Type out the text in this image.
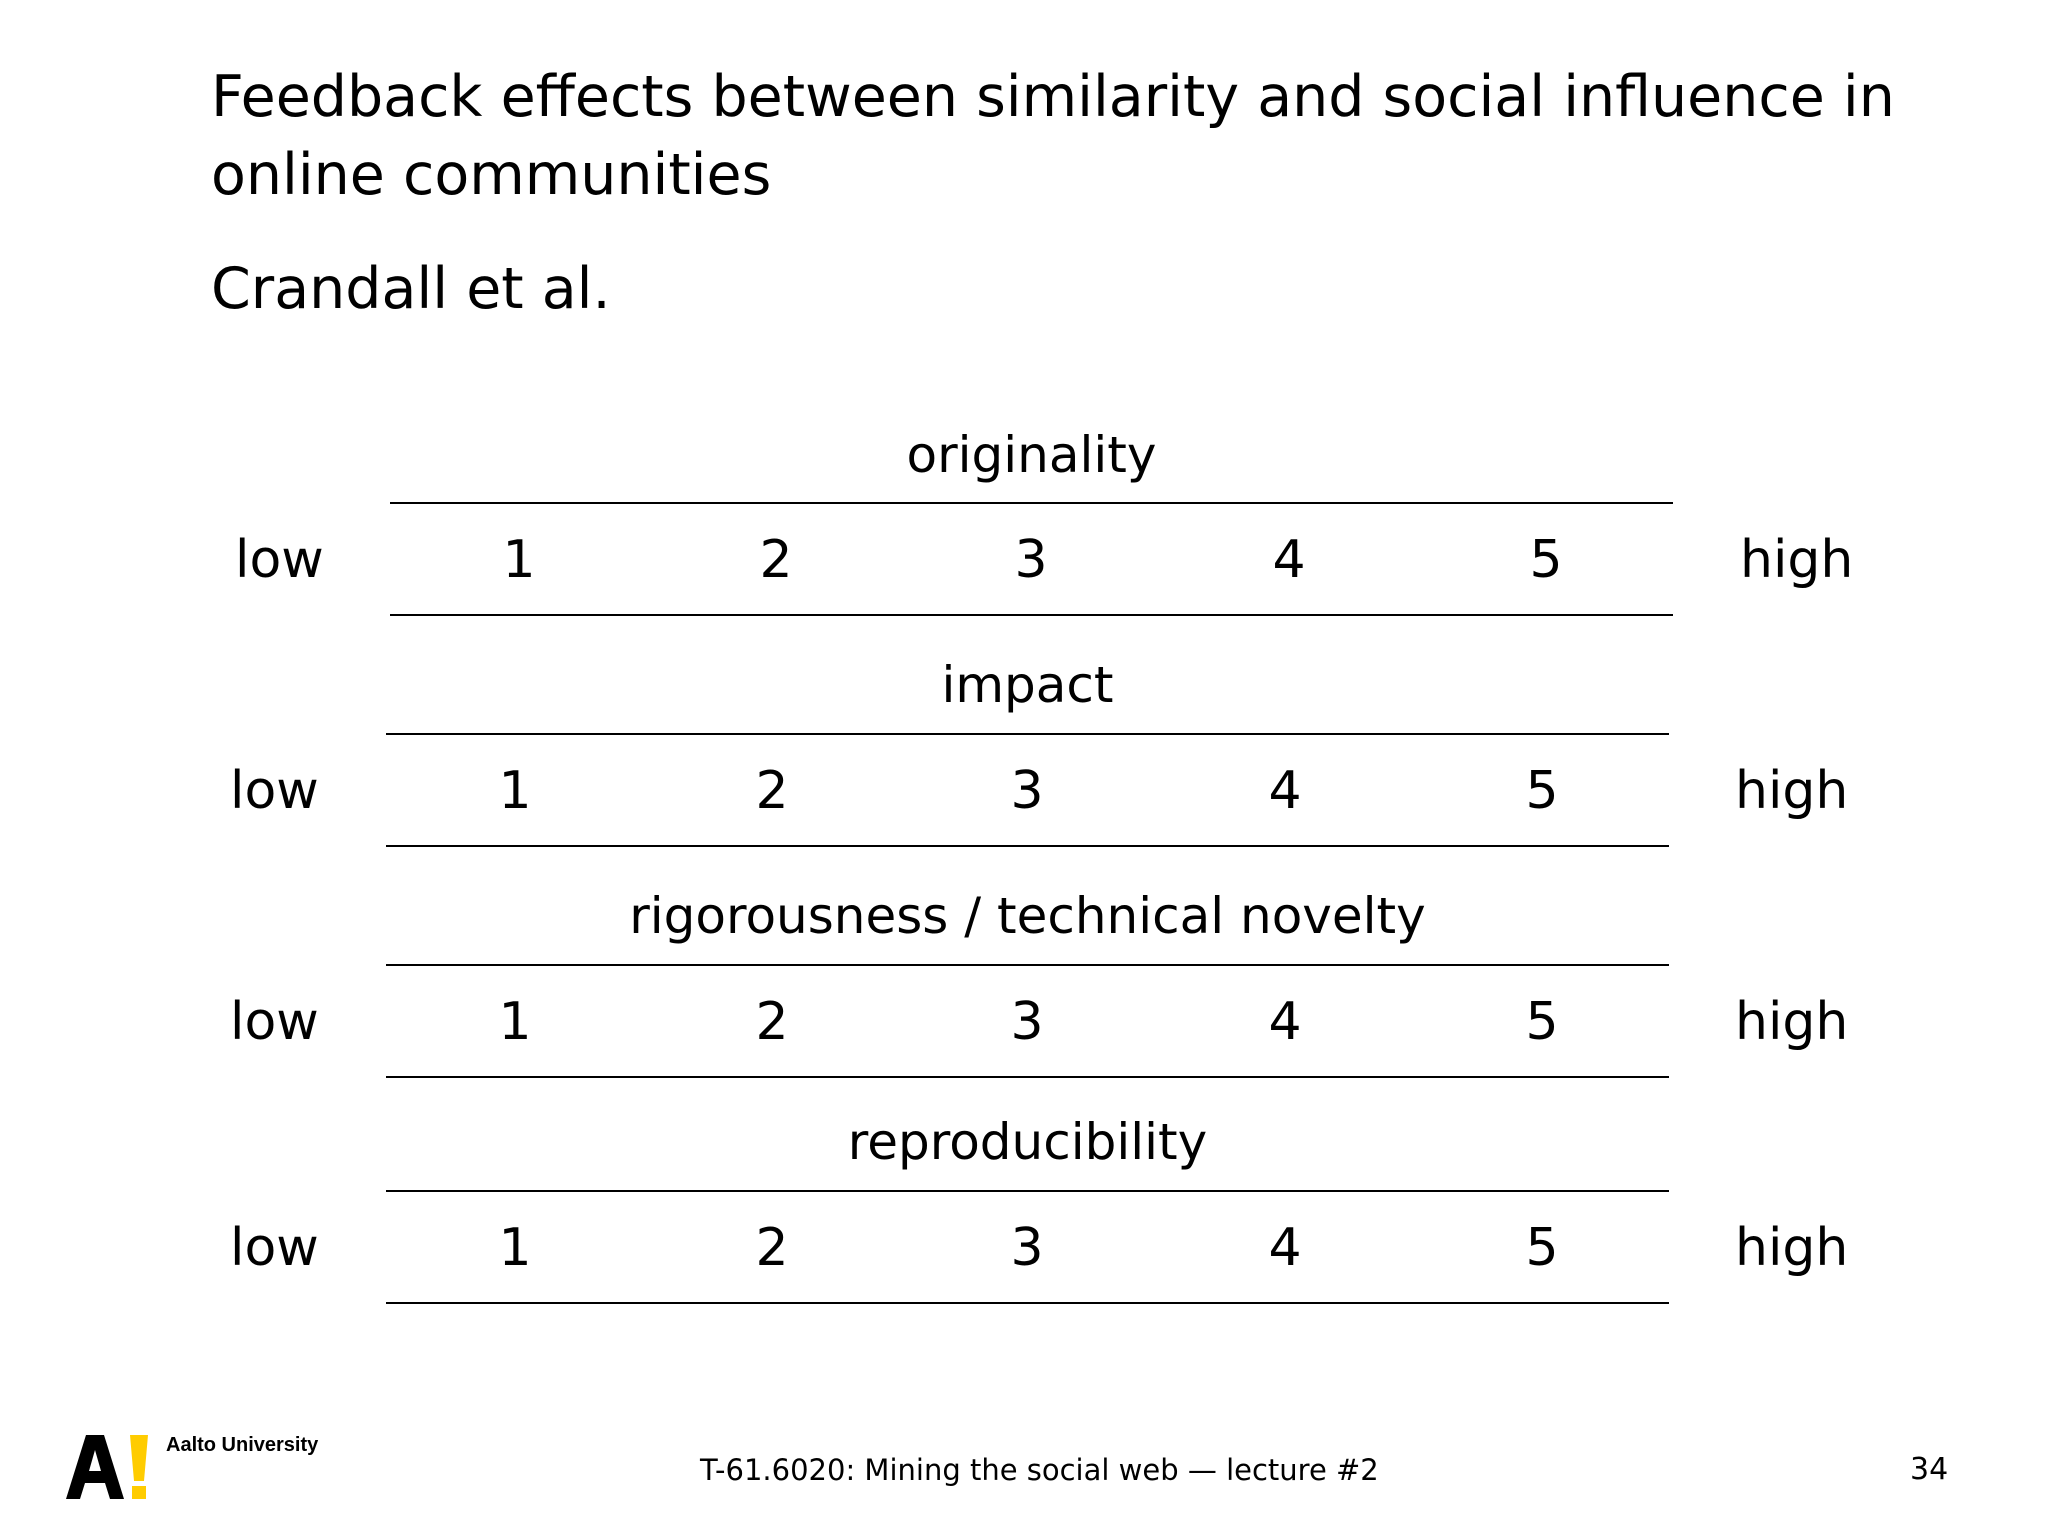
Feedback effects between similarity and social influence in online communities

Crandall et al.

originality
low	1	2	3	4	5	high
impact
low	1	2	3	4	5	high
rigorousness / technical novelty
low	1	2	3	4	5	high
reproducibility
low	1	2	3	4	5	high
Aalto University
T-61.6020: Mining the social web — lecture #2	34
